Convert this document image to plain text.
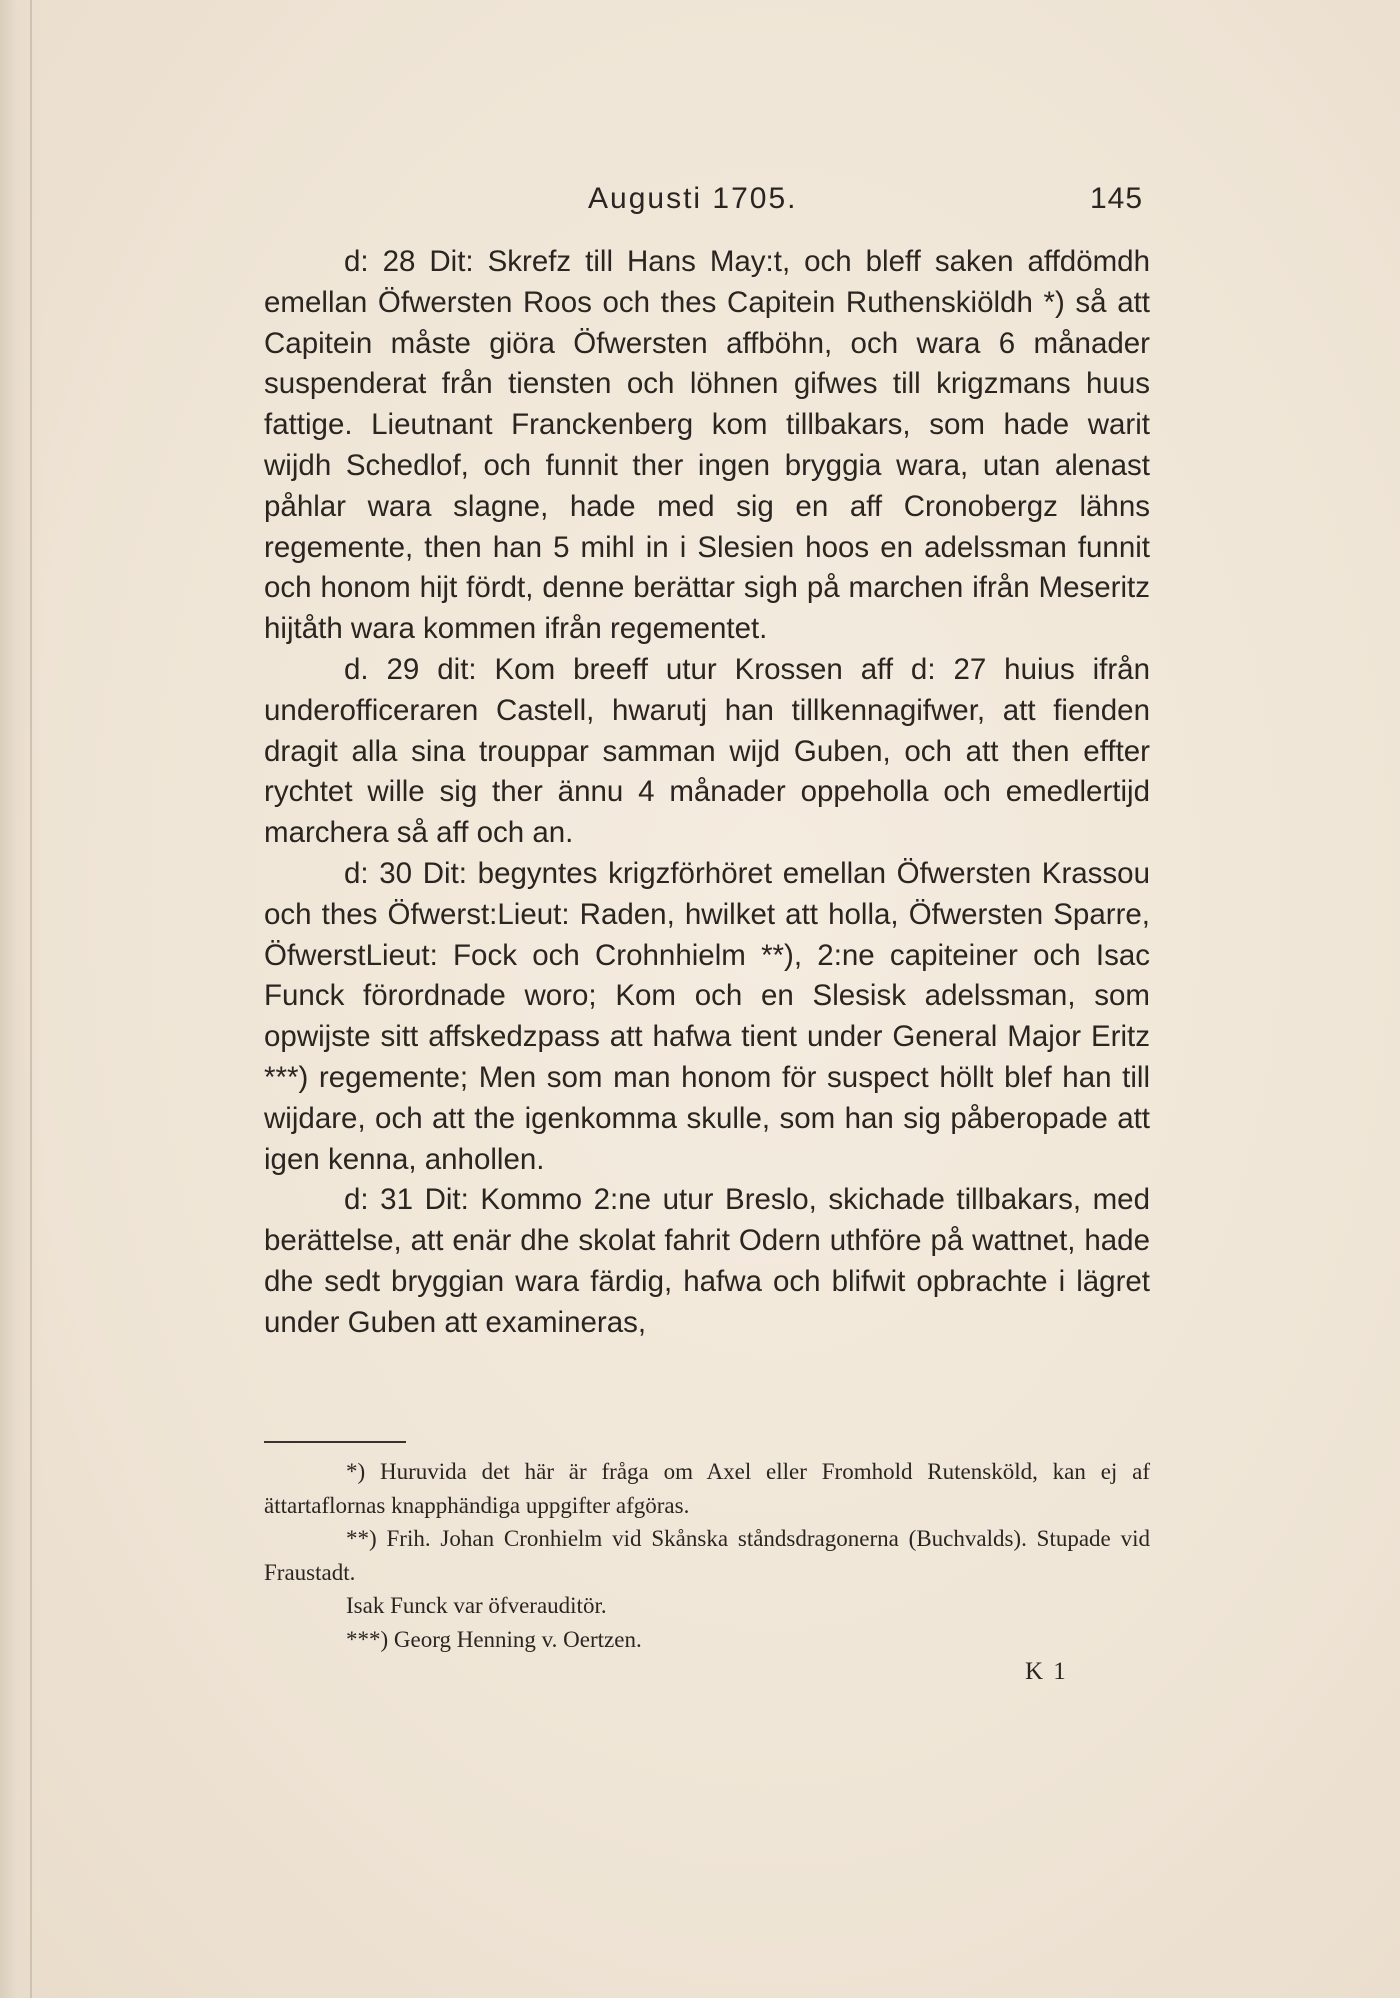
Augusti 1705.	145

d: 28 Dit: Skrefz till Hans May:t, och bleff saken affdömdh emellan Öfwersten Roos och thes Capitein Ruthenskiöldh *) så att Capitein måste giöra Öfwersten affböhn, och wara 6 månader suspenderat från tiensten och löhnen gifwes till krigzmans huus fattige. Lieutnant Franckenberg kom tillbakars, som hade warit wijdh Schedlof, och funnit ther ingen bryggia wara, utan alenast påhlar wara slagne, hade med sig en aff Cronobergz lähns regemente, then han 5 mihl in i Slesien hoos en adelssman funnit och honom hijt fördt, denne berättar sigh på marchen ifrån Meseritz hijtåth wara kommen ifrån regementet.

d. 29 dit: Kom breeff utur Krossen aff d: 27 huius ifrån underofficeraren Castell, hwarutj han tillkennagifwer, att fienden dragit alla sina trouppar samman wijd Guben, och att then effter rychtet wille sig ther ännu 4 månader oppeholla och emedlertijd marchera så aff och an.

d: 30 Dit: begyntes krigzförhöret emellan Öfwersten Krassou och thes Öfwerst:Lieut: Raden, hwilket att holla, Öfwersten Sparre, ÖfwerstLieut: Fock och Crohnhielm **), 2:ne capiteiner och Isac Funck förordnade woro; Kom och en Slesisk adelssman, som opwijste sitt affskedzpass att hafwa tient under General Major Eritz ***) regemente; Men som man honom för suspect höllt blef han till wijdare, och att the igenkomma skulle, som han sig påberopade att igen kenna, anhollen.

d: 31 Dit: Kommo 2:ne utur Breslo, skichade tillbakars, med berättelse, att enär dhe skolat fahrit Odern uthföre på wattnet, hade dhe sedt bryggian wara färdig, hafwa och blifwit opbrachte i lägret under Guben att examineras,

*) Huruvida det här är fråga om Axel eller Fromhold Rutensköld, kan ej af ättartaflornas knapphändiga uppgifter afgöras.

**) Frih. Johan Cronhielm vid Skånska ståndsdragonerna (Buchvalds). Stupade vid Fraustadt.

Isak Funck var öfverauditör.

***) Georg Henning v. Oertzen.

K 1
